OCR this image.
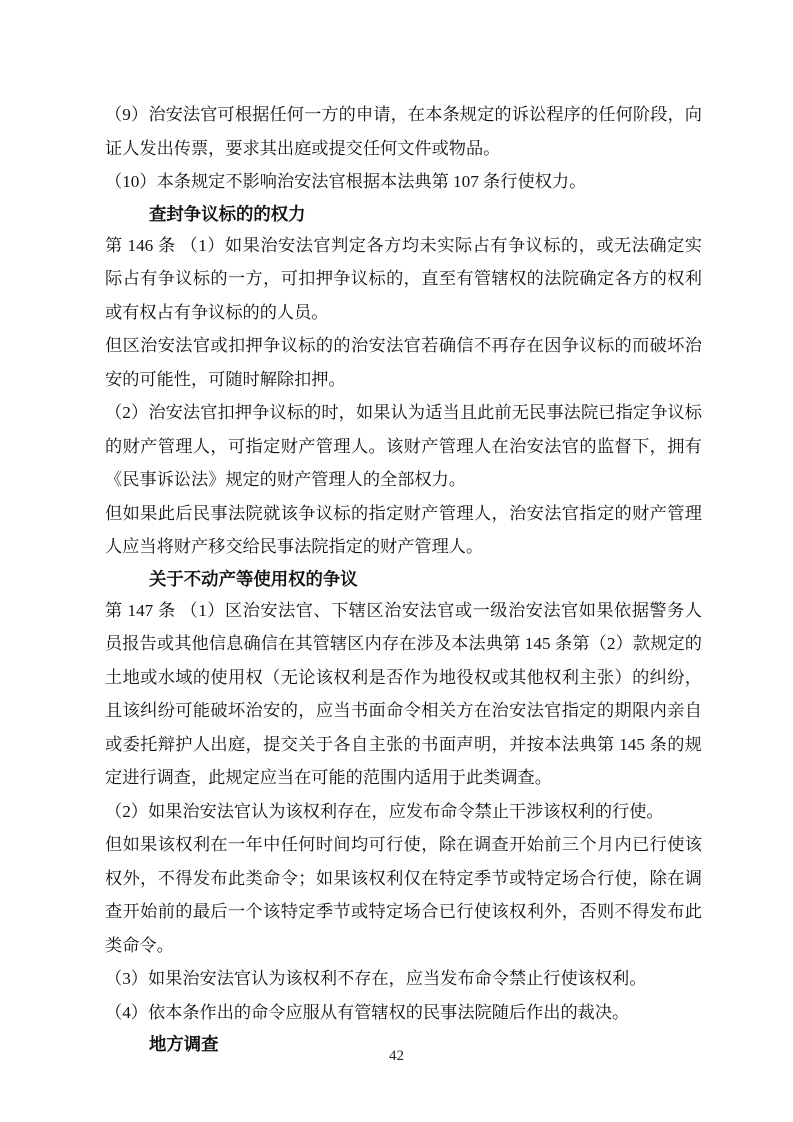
（9）治安法官可根据任何一方的申请，在本条规定的诉讼程序的任何阶段，向证人发出传票，要求其出庭或提交任何文件或物品。

（10）本条规定不影响治安法官根据本法典第 107 条行使权力。

查封争议标的的权力

第 146 条 （1）如果治安法官判定各方均未实际占有争议标的，或无法确定实际占有争议标的一方，可扣押争议标的，直至有管辖权的法院确定各方的权利或有权占有争议标的的人员。

但区治安法官或扣押争议标的的治安法官若确信不再存在因争议标的而破坏治安的可能性，可随时解除扣押。

（2）治安法官扣押争议标的时，如果认为适当且此前无民事法院已指定争议标的财产管理人，可指定财产管理人。该财产管理人在治安法官的监督下，拥有《民事诉讼法》规定的财产管理人的全部权力。

但如果此后民事法院就该争议标的指定财产管理人，治安法官指定的财产管理人应当将财产移交给民事法院指定的财产管理人。

关于不动产等使用权的争议

第 147 条 （1）区治安法官、下辖区治安法官或一级治安法官如果依据警务人员报告或其他信息确信在其管辖区内存在涉及本法典第 145 条第（2）款规定的土地或水域的使用权（无论该权利是否作为地役权或其他权利主张）的纠纷，且该纠纷可能破坏治安的，应当书面命令相关方在治安法官指定的期限内亲自或委托辩护人出庭，提交关于各自主张的书面声明，并按本法典第 145 条的规定进行调查，此规定应当在可能的范围内适用于此类调查。

（2）如果治安法官认为该权利存在，应发布命令禁止干涉该权利的行使。

但如果该权利在一年中任何时间均可行使，除在调查开始前三个月内已行使该权外，不得发布此类命令；如果该权利仅在特定季节或特定场合行使，除在调查开始前的最后一个该特定季节或特定场合已行使该权利外，否则不得发布此类命令。

（3）如果治安法官认为该权利不存在，应当发布命令禁止行使该权利。

（4）依本条作出的命令应服从有管辖权的民事法院随后作出的裁决。

地方调查

42
